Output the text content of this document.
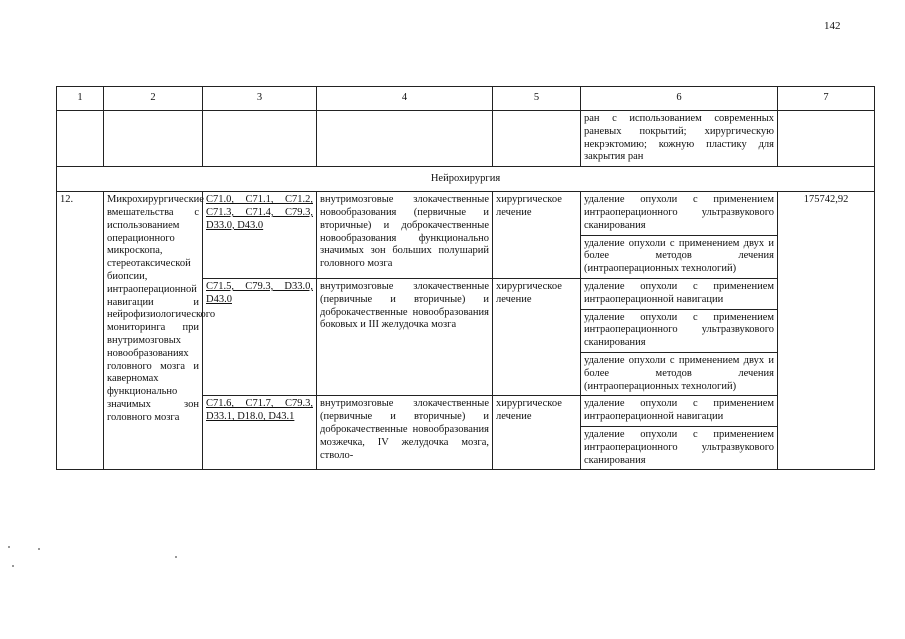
142
1	2	3	4	5	6	7
					ран с использованием современных раневых покрытий; хирургическую некрэктомию; кожную пластику для закрытия ран	
Нейрохирургия						
12.	Микрохирургические вмешательства с использованием операционного микроскопа, стереотаксической биопсии, интраоперационной навигации и нейрофизиологического мониторинга при внутримозговых новообразованиях головного мозга и каверномах функционально значимых зон головного мозга	C71.0, C71.1, C71.2, C71.3, C71.4, C79.3, D33.0, D43.0	внутримозговые злокачественные новообразования (первичные и вторичные) и доброкачественные новообразования функционально значимых зон больших полушарий головного мозга	хирургическое лечение	удаление опухоли с применением интраоперационного ультразвукового сканирования	175742,92
					удаление опухоли с применением двух и более методов лечения (интраоперационных технологий)	
		C71.5, C79.3, D33.0, D43.0	внутримозговые злокачественные (первичные и вторичные) и доброкачественные новообразования боковых и III желудочка мозга	хирургическое лечение	удаление опухоли с применением интраоперационной навигации	
					удаление опухоли с применением интраоперационного ультразвукового сканирования	
					удаление опухоли с применением двух и более методов лечения (интраоперационных технологий)	
		C71.6, C71.7, C79.3, D33.1, D18.0, D43.1	внутримозговые злокачественные (первичные и вторичные) и доброкачественные новообразования мозжечка, IV желудочка мозга, стволо-	хирургическое лечение	удаление опухоли с применением интраоперационной навигации	
					удаление опухоли с применением интраоперационного ультразвукового сканирования	
